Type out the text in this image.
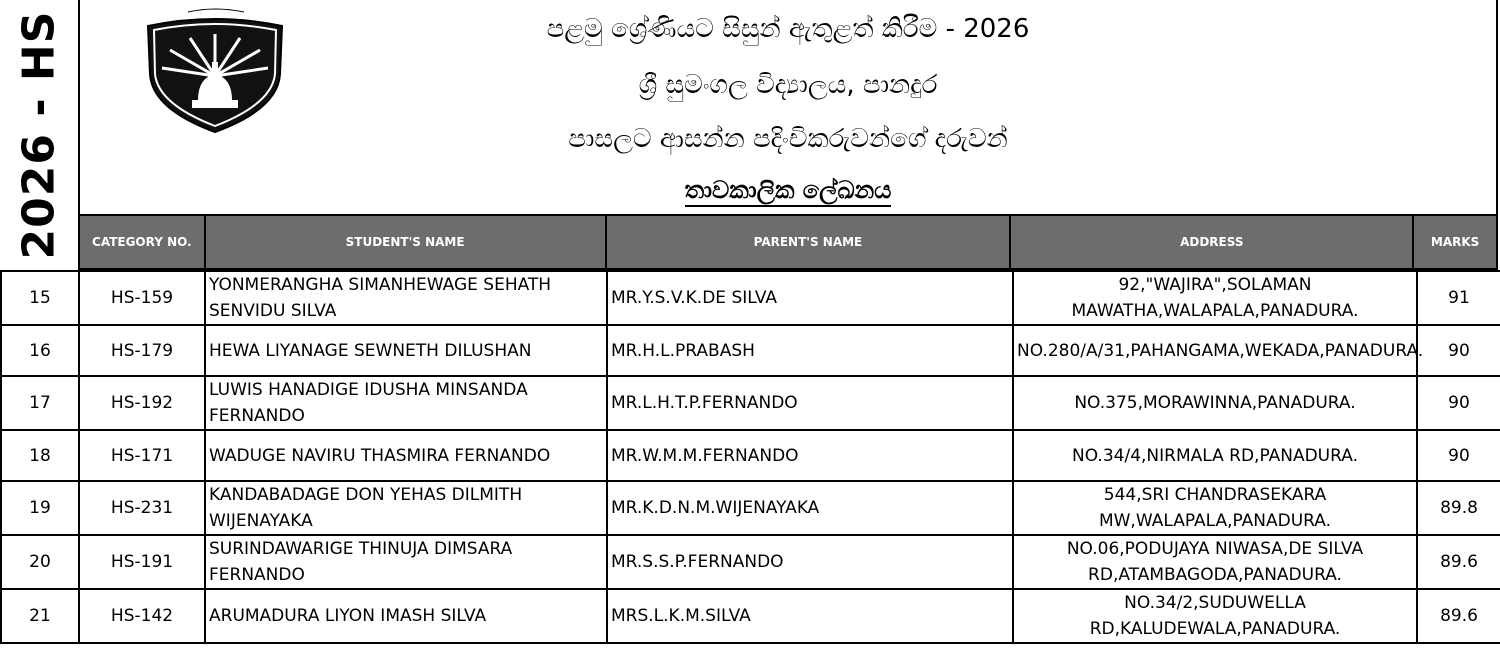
2026 - HS	පළමු ශ්‍රේණියට සිසුන් ඇතුළත් කිරීම - 2026
ශ්‍රී සුමංගල විද්‍යාලය, පානදුර
පාසලට ආසන්න පදිංචිකරුවන්ගේ දරුවන්
තාවකාලික ලේඛනය
CATEGORY NO.	STUDENT'S NAME	PARENT'S NAME	ADDRESS	MARKS
15	HS-159	YONMERANGHA SIMANHEWAGE SEHATH SENVIDU SILVA	MR.Y.S.V.K.DE SILVA	92,"WAJIRA",SOLAMAN MAWATHA,WALAPALA,PANADURA.	91
16	HS-179	HEWA LIYANAGE SEWNETH DILUSHAN	MR.H.L.PRABASH	NO.280/A/31,PAHANGAMA,WEKADA,PANADURA.	90
17	HS-192	LUWIS HANADIGE IDUSHA MINSANDA FERNANDO	MR.L.H.T.P.FERNANDO	NO.375,MORAWINNA,PANADURA.	90
18	HS-171	WADUGE NAVIRU THASMIRA FERNANDO	MR.W.M.M.FERNANDO	NO.34/4,NIRMALA RD,PANADURA.	90
19	HS-231	KANDABADAGE DON YEHAS DILMITH WIJENAYAKA	MR.K.D.N.M.WIJENAYAKA	544,SRI CHANDRASEKARA MW,WALAPALA,PANADURA.	89.8
20	HS-191	SURINDAWARIGE THINUJA DIMSARA FERNANDO	MR.S.S.P.FERNANDO	NO.06,PODUJAYA NIWASA,DE SILVA RD,ATAMBAGODA,PANADURA.	89.6
21	HS-142	ARUMADURA LIYON IMASH SILVA	MRS.L.K.M.SILVA	NO.34/2,SUDUWELLA RD,KALUDEWALA,PANADURA.	89.6
